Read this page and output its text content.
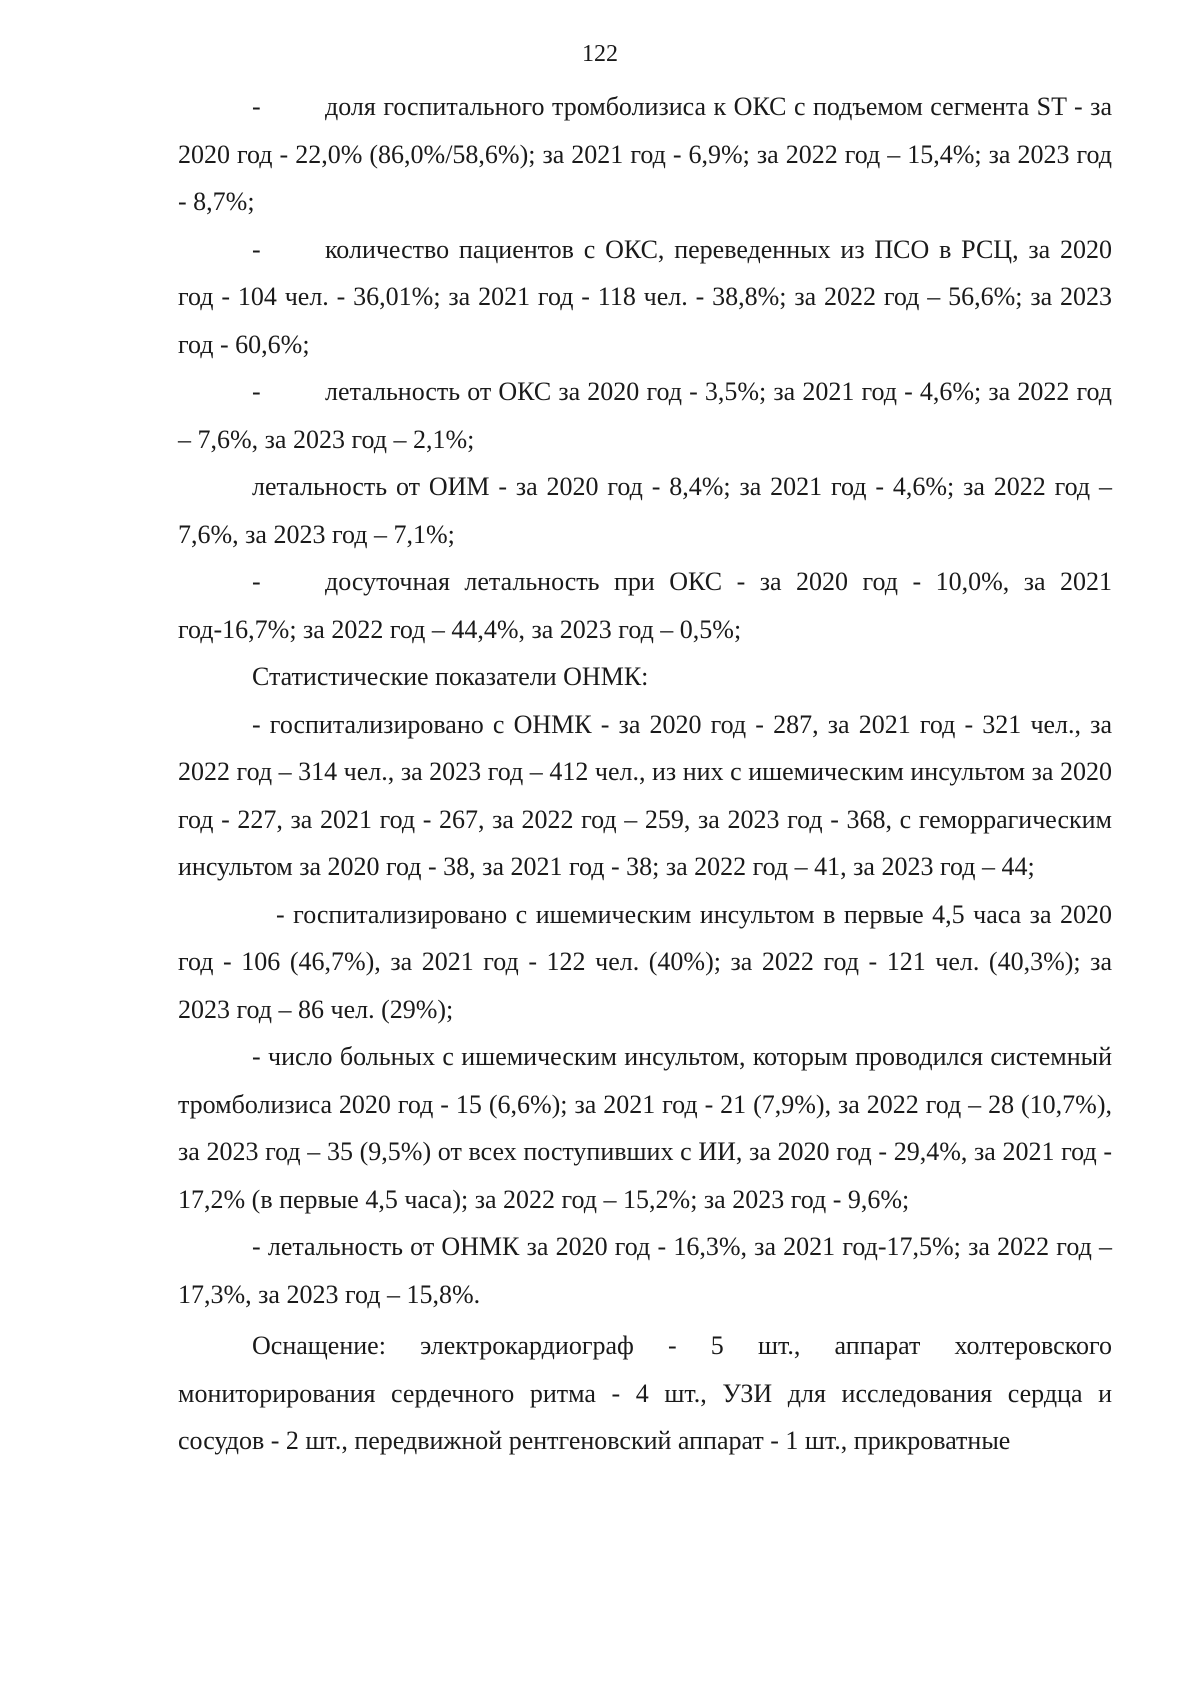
122

- доля госпитального тромболизиса к ОКС с подъемом сегмента ST - за 2020 год - 22,0% (86,0%/58,6%); за 2021 год - 6,9%; за 2022 год – 15,4%; за 2023 год - 8,7%;

- количество пациентов с ОКС, переведенных из ПСО в РСЦ, за 2020 год - 104 чел. - 36,01%; за 2021 год - 118 чел. - 38,8%; за 2022 год – 56,6%; за 2023 год - 60,6%;

- летальность от ОКС за 2020 год - 3,5%; за 2021 год - 4,6%; за 2022 год – 7,6%, за 2023 год – 2,1%;

летальность от ОИМ - за 2020 год - 8,4%; за 2021 год - 4,6%; за 2022 год – 7,6%, за 2023 год – 7,1%;

- досуточная летальность при ОКС - за 2020 год - 10,0%, за 2021 год-16,7%; за 2022 год – 44,4%, за 2023 год – 0,5%;

Статистические показатели ОНМК:

- госпитализировано с ОНМК - за 2020 год - 287, за 2021 год - 321 чел., за 2022 год – 314 чел., за 2023 год – 412 чел., из них с ишемическим инсультом за 2020 год - 227, за 2021 год - 267, за 2022 год – 259, за 2023 год - 368, с геморрагическим инсультом за 2020 год - 38, за 2021 год - 38; за 2022 год – 41, за 2023 год – 44;

- госпитализировано с ишемическим инсультом в первые 4,5 часа за 2020 год - 106 (46,7%), за 2021 год - 122 чел. (40%); за 2022 год - 121 чел. (40,3%); за 2023 год – 86 чел. (29%);

- число больных с ишемическим инсультом, которым проводился системный тромболизиса 2020 год - 15 (6,6%); за 2021 год - 21 (7,9%), за 2022 год – 28 (10,7%), за 2023 год – 35 (9,5%) от всех поступивших с ИИ, за 2020 год - 29,4%, за 2021 год - 17,2% (в первые 4,5 часа); за 2022 год – 15,2%; за 2023 год - 9,6%;

- летальность от ОНМК за 2020 год - 16,3%, за 2021 год-17,5%; за 2022 год – 17,3%, за 2023 год – 15,8%.

Оснащение: электрокардиограф - 5 шт., аппарат холтеровского мониторирования сердечного ритма - 4 шт., УЗИ для исследования сердца и сосудов - 2 шт., передвижной рентгеновский аппарат - 1 шт., прикроватные
